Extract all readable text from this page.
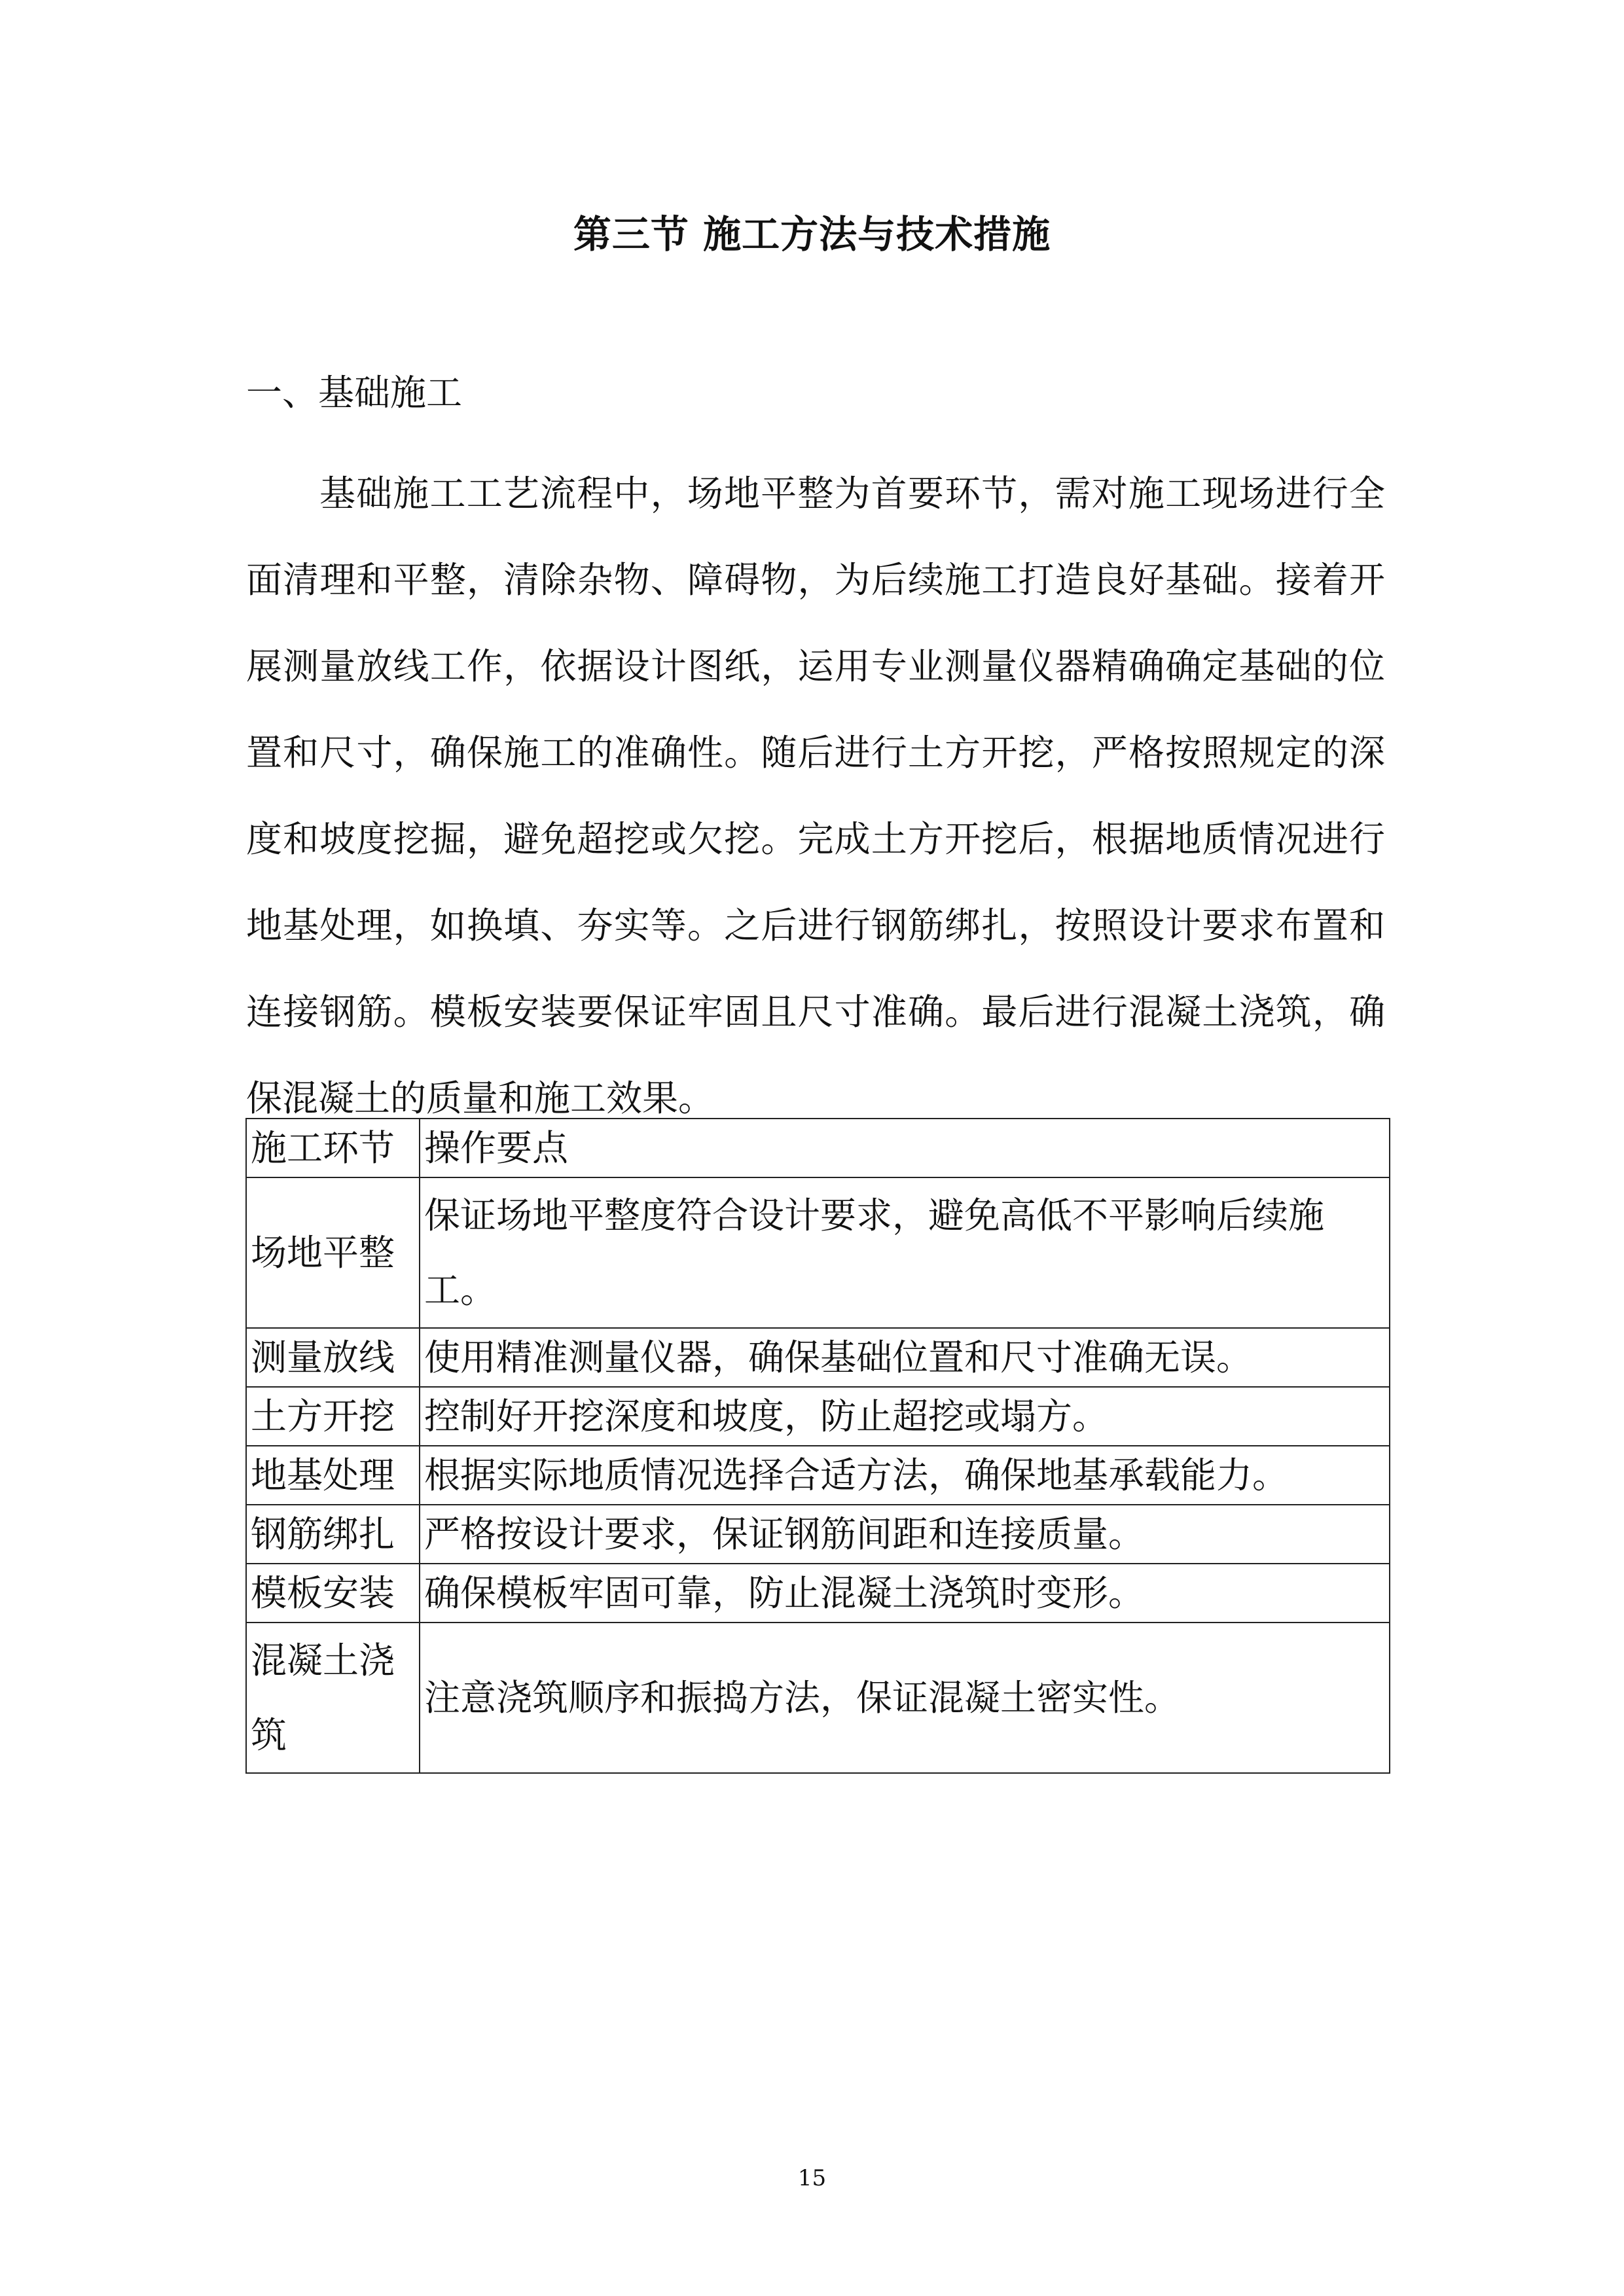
第三节 施工方法与技术措施
一、基础施工

基础施工工艺流程中，场地平整为首要环节，需对施工现场进行全面清理和平整，清除杂物、障碍物，为后续施工打造良好基础。接着开展测量放线工作，依据设计图纸，运用专业测量仪器精确确定基础的位置和尺寸，确保施工的准确性。随后进行土方开挖，严格按照规定的深度和坡度挖掘，避免超挖或欠挖。完成土方开挖后，根据地质情况进行地基处理，如换填、夯实等。之后进行钢筋绑扎，按照设计要求布置和连接钢筋。模板安装要保证牢固且尺寸准确。最后进行混凝土浇筑，确保混凝土的质量和施工效果。

施工环节	操作要点
场地平整	保证场地平整度符合设计要求，避免高低不平影响后续施工。
测量放线	使用精准测量仪器，确保基础位置和尺寸准确无误。
土方开挖	控制好开挖深度和坡度，防止超挖或塌方。
地基处理	根据实际地质情况选择合适方法，确保地基承载能力。
钢筋绑扎	严格按设计要求，保证钢筋间距和连接质量。
模板安装	确保模板牢固可靠，防止混凝土浇筑时变形。
混凝土浇筑	注意浇筑顺序和振捣方法，保证混凝土密实性。
15
